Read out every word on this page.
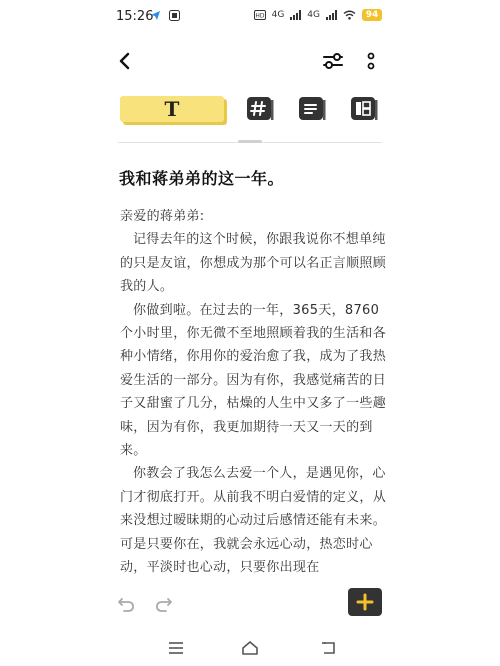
15:26	HD 4G	4G	94
T
我和蒋弟弟的这一年。

亲爱的蒋弟弟:

记得去年的这个时候，你跟我说你不想单纯的只是友谊，你想成为那个可以名正言顺照顾我的人。

你做到啦。在过去的一年，365天，8760个小时里，你无微不至地照顾着我的生活和各种小情绪，你用你的爱治愈了我，成为了我热爱生活的一部分。因为有你，我感觉痛苦的日子又甜蜜了几分，枯燥的人生中又多了一些趣味，因为有你，我更加期待一天又一天的到来。

你教会了我怎么去爱一个人，是遇见你，心门才彻底打开。从前我不明白爱情的定义，从来没想过暧昧期的心动过后感情还能有未来。可是只要你在，我就会永远心动，热恋时心动，平淡时也心动，只要你出现在
